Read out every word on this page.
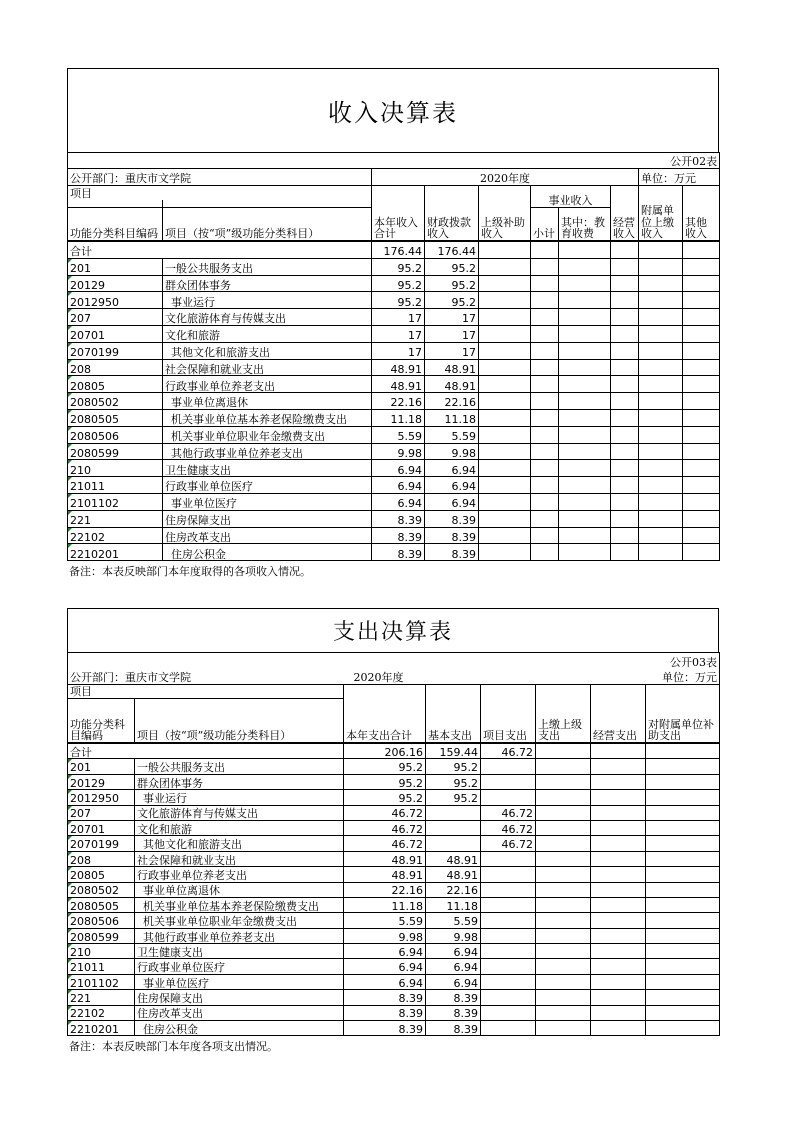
收入决算表
公开02表									
公开部门：重庆市文学院		2020年度						单位：万元	
项目		本年收入合计	财政拨款收入	上级补助收入	事业收入		经营收入	附属单位上缴收入	其他收入

功能分类科目编码	项目（按“项”级功能分类科目）				小计	其中：教育收费			
合计		176.44	176.44						
201	一般公共服务支出	95.2	95.2						
20129	群众团体事务	95.2	95.2						
2012950	事业运行	95.2	95.2						
207	文化旅游体育与传媒支出	17	17						
20701	文化和旅游	17	17						
2070199	其他文化和旅游支出	17	17						
208	社会保障和就业支出	48.91	48.91						
20805	行政事业单位养老支出	48.91	48.91						
2080502	事业单位离退休	22.16	22.16						
2080505	机关事业单位基本养老保险缴费支出	11.18	11.18						
2080506	机关事业单位职业年金缴费支出	5.59	5.59						
2080599	其他行政事业单位养老支出	9.98	9.98						
210	卫生健康支出	6.94	6.94						
21011	行政事业单位医疗	6.94	6.94						
2101102	事业单位医疗	6.94	6.94						
221	住房保障支出	8.39	8.39						
22102	住房改革支出	8.39	8.39						
2210201	住房公积金	8.39	8.39						
备注：本表反映部门本年度取得的各项收入情况。
支出决算表
						公开03表	
公开部门：重庆市文学院		2020年度				单位：万元	
项目		本年支出合计	基本支出	项目支出	上缴上级支出	经营支出	对附属单位补助支出
功能分类科目编码	项目（按“项”级功能分类科目）						
合计		206.16	159.44	46.72			
201	一般公共服务支出	95.2	95.2				
20129	群众团体事务	95.2	95.2				
2012950	事业运行	95.2	95.2				
207	文化旅游体育与传媒支出	46.72		46.72			
20701	文化和旅游	46.72		46.72			
2070199	其他文化和旅游支出	46.72		46.72			
208	社会保障和就业支出	48.91	48.91				
20805	行政事业单位养老支出	48.91	48.91				
2080502	事业单位离退休	22.16	22.16				
2080505	机关事业单位基本养老保险缴费支出	11.18	11.18				
2080506	机关事业单位职业年金缴费支出	5.59	5.59				
2080599	其他行政事业单位养老支出	9.98	9.98				
210	卫生健康支出	6.94	6.94				
21011	行政事业单位医疗	6.94	6.94				
2101102	事业单位医疗	6.94	6.94				
221	住房保障支出	8.39	8.39				
22102	住房改革支出	8.39	8.39				
2210201	住房公积金	8.39	8.39				
备注：本表反映部门本年度各项支出情况。
